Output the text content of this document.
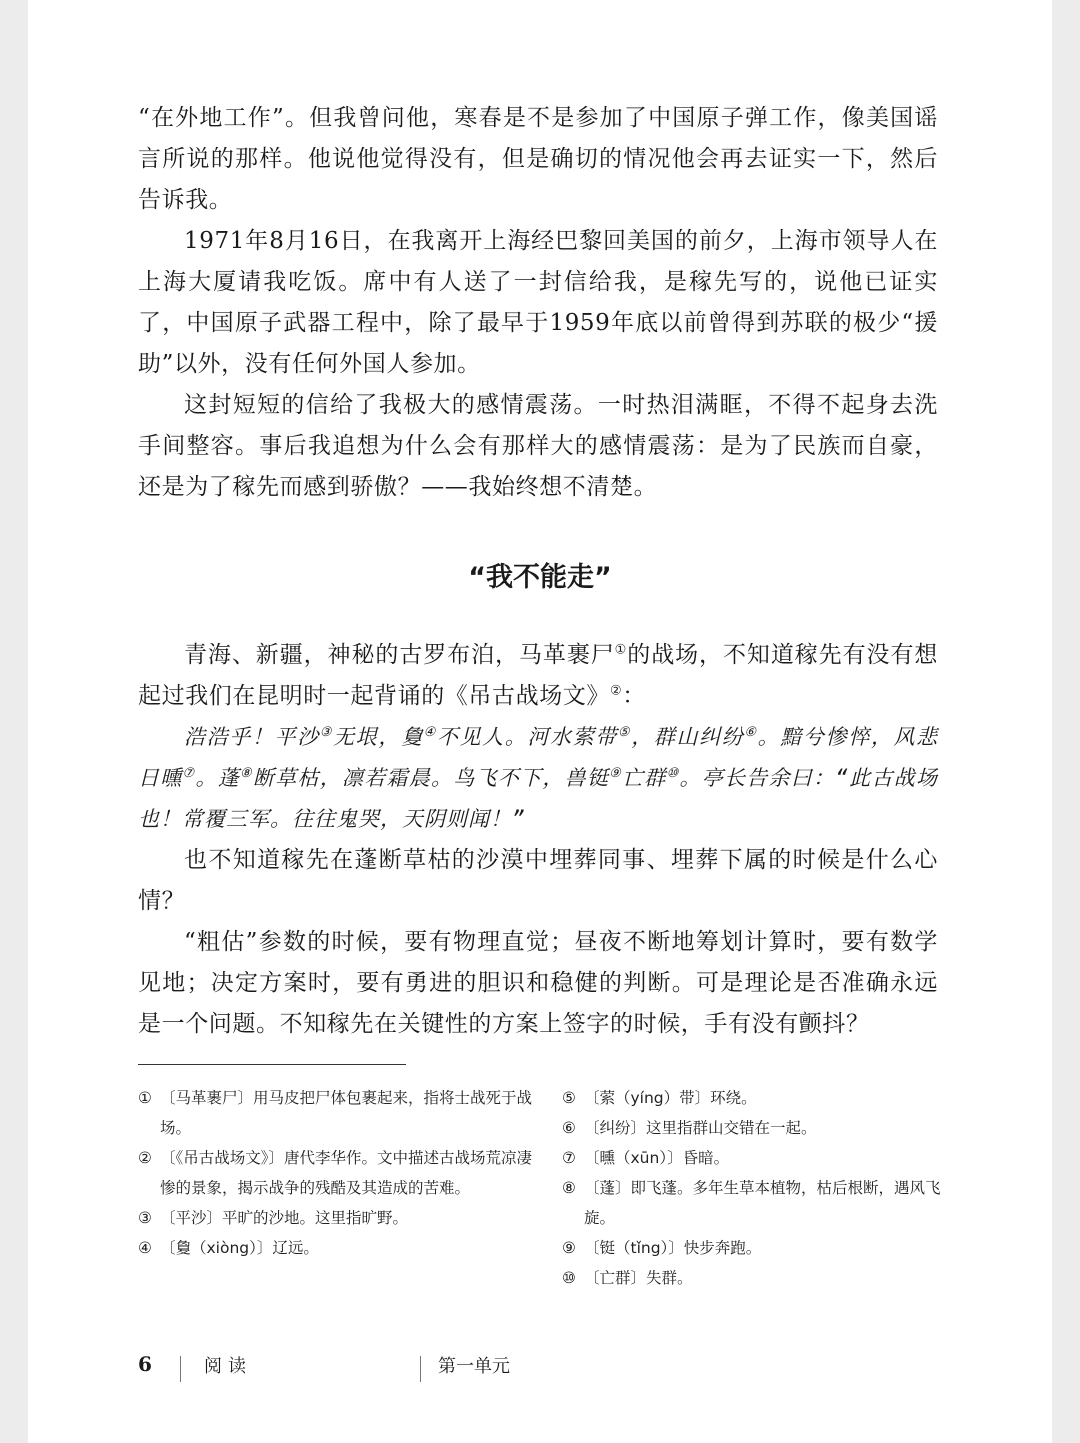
“在外地工作”。但我曾问他，寒春是不是参加了中国原子弹工作，像美国谣言所说的那样。他说他觉得没有，但是确切的情况他会再去证实一下，然后告诉我。

1971年8月16日，在我离开上海经巴黎回美国的前夕，上海市领导人在上海大厦请我吃饭。席中有人送了一封信给我，是稼先写的，说他已证实了，中国原子武器工程中，除了最早于1959年底以前曾得到苏联的极少“援助”以外，没有任何外国人参加。

这封短短的信给了我极大的感情震荡。一时热泪满眶，不得不起身去洗手间整容。事后我追想为什么会有那样大的感情震荡：是为了民族而自豪，还是为了稼先而感到骄傲？——我始终想不清楚。

“我不能走”

青海、新疆，神秘的古罗布泊，马革裹尸①的战场，不知道稼先有没有想起过我们在昆明时一起背诵的《吊古战场文》②：

浩浩乎！平沙③无垠，敻④不见人。河水萦带⑤，群山纠纷⑥。黯兮惨悴，风悲日曛⑦。蓬⑧断草枯，凛若霜晨。鸟飞不下，兽铤⑨亡群⑩。亭长告余曰：“此古战场也！常覆三军。往往鬼哭，天阴则闻！”

也不知道稼先在蓬断草枯的沙漠中埋葬同事、埋葬下属的时候是什么心情？

“粗估”参数的时候，要有物理直觉；昼夜不断地筹划计算时，要有数学见地；决定方案时，要有勇进的胆识和稳健的判断。可是理论是否准确永远是一个问题。不知稼先在关键性的方案上签字的时候，手有没有颤抖？

① 〔马革裹尸〕用马皮把尸体包裹起来，指将士战死于战场。
② 〔《吊古战场文》〕唐代李华作。文中描述古战场荒凉凄惨的景象，揭示战争的残酷及其造成的苦难。
③ 〔平沙〕平旷的沙地。这里指旷野。
④ 〔敻（xiòng）〕辽远。
⑤ 〔萦（yíng）带〕环绕。
⑥ 〔纠纷〕这里指群山交错在一起。
⑦ 〔曛（xūn）〕昏暗。
⑧ 〔蓬〕即飞蓬。多年生草本植物，枯后根断，遇风飞旋。
⑨ 〔铤（tǐng）〕快步奔跑。
⑩ 〔亡群〕失群。
6	阅读	第一单元
